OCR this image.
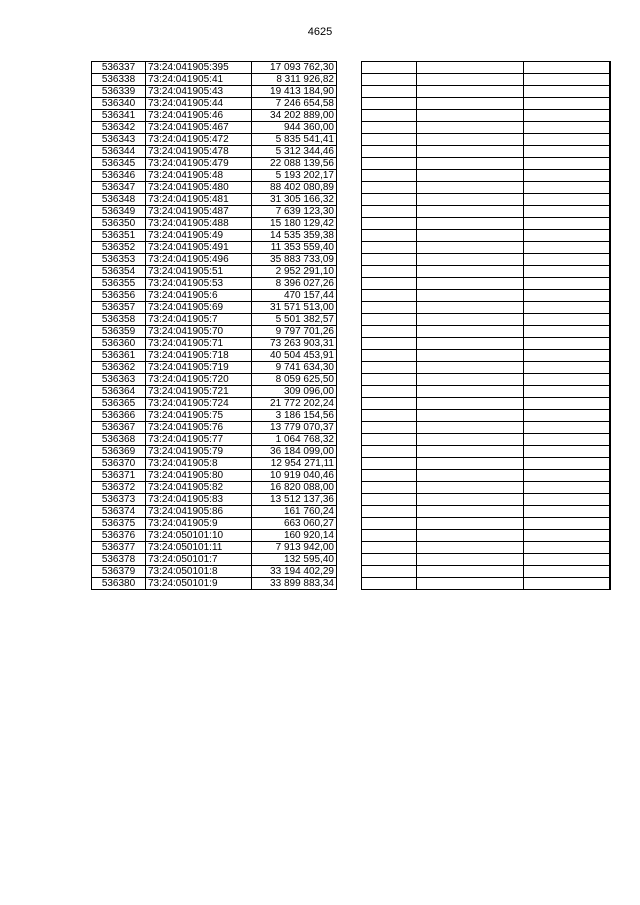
4625
536337	73:24:041905:395	17 093 762,30
536338	73:24:041905:41	8 311 926,82
536339	73:24:041905:43	19 413 184,90
536340	73:24:041905:44	7 246 654,58
536341	73:24:041905:46	34 202 889,00
536342	73:24:041905:467	944 360,00
536343	73:24:041905:472	5 835 541,41
536344	73:24:041905:478	5 312 344,46
536345	73:24:041905:479	22 088 139,56
536346	73:24:041905:48	5 193 202,17
536347	73:24:041905:480	88 402 080,89
536348	73:24:041905:481	31 305 166,32
536349	73:24:041905:487	7 639 123,30
536350	73:24:041905:488	15 180 129,42
536351	73:24:041905:49	14 535 359,38
536352	73:24:041905:491	11 353 559,40
536353	73:24:041905:496	35 883 733,09
536354	73:24:041905:51	2 952 291,10
536355	73:24:041905:53	8 396 027,26
536356	73:24:041905:6	470 157,44
536357	73:24:041905:69	31 571 513,00
536358	73:24:041905:7	5 501 382,57
536359	73:24:041905:70	9 797 701,26
536360	73:24:041905:71	73 263 903,31
536361	73:24:041905:718	40 504 453,91
536362	73:24:041905:719	9 741 634,30
536363	73:24:041905:720	8 059 625,50
536364	73:24:041905:721	309 096,00
536365	73:24:041905:724	21 772 202,24
536366	73:24:041905:75	3 186 154,56
536367	73:24:041905:76	13 779 070,37
536368	73:24:041905:77	1 064 768,32
536369	73:24:041905:79	36 184 099,00
536370	73:24:041905:8	12 954 271,11
536371	73:24:041905:80	10 919 040,46
536372	73:24:041905:82	16 820 088,00
536373	73:24:041905:83	13 512 137,36
536374	73:24:041905:86	161 760,24
536375	73:24:041905:9	663 060,27
536376	73:24:050101:10	160 920,14
536377	73:24:050101:11	7 913 942,00
536378	73:24:050101:7	132 595,40
536379	73:24:050101:8	33 194 402,29
536380	73:24:050101:9	33 899 883,34
